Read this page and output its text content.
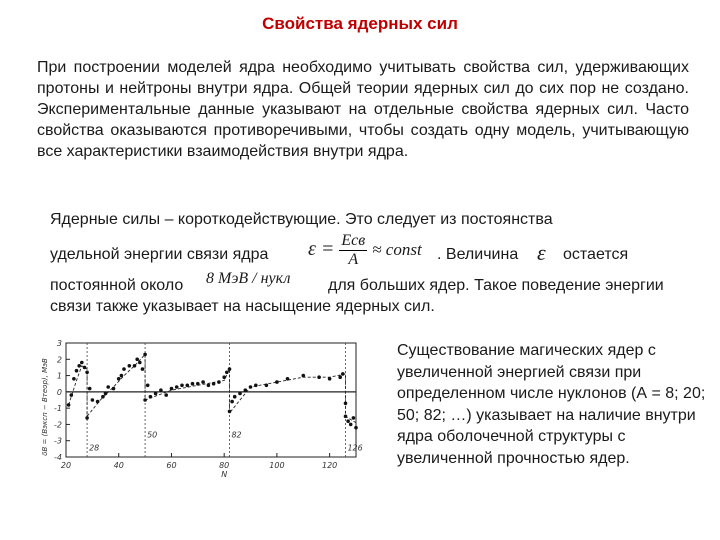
Свойства ядерных сил
При построении моделей ядра необходимо учитывать свойства сил, удерживающих протоны и нейтроны внутри ядра. Общей теории ядерных сил до сих пор не создано. Экспериментальные данные указывают на отдельные свойства ядерных сил. Часто свойства оказываются противоречивыми, чтобы создать одну модель, учитывающую все характеристики взаимодействия внутри ядра.
Ядерные силы – короткодействующие. Это следует из постоянства
удельной энергии связи ядра $\varepsilon = \frac{\text{Eсв}}{A}$ ≈ const . Величина ε остается
постоянной около 8 МэВ / нукл для больших ядер. Такое поведение энергии
связи также указывает на насыщение ядерных сил.
δB = (Bэксп − Bтеор), МэВ
3
2
1
0
-1
-2
-3
-4
20	40	60	80	100	120
N
28
50	82
126
Существование магических ядер с увеличенной энергией связи при определенном числе нуклонов (А = 8; 20; 50; 82; …) указывает на наличие внутри ядра оболочечной структуры с увеличенной прочностью ядер.
